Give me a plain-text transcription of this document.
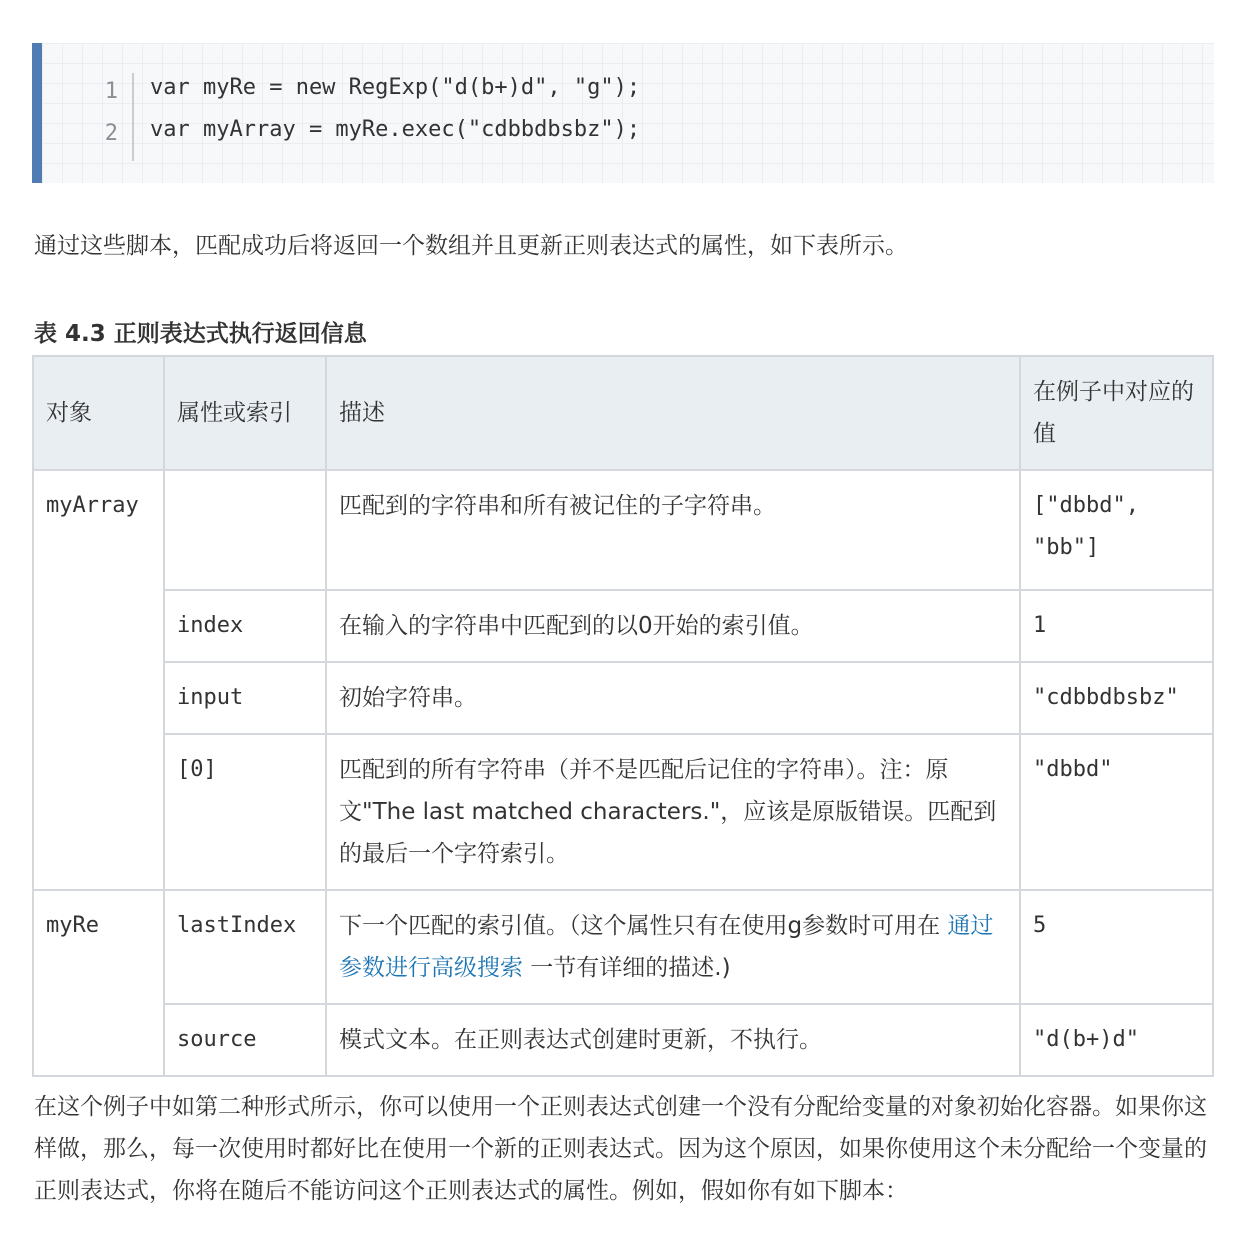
1
2
var myRe = new RegExp("d(b+)d", "g");
var myArray = myRe.exec("cdbbdbsbz");

通过这些脚本，匹配成功后将返回一个数组并且更新正则表达式的属性，如下表所示。

表 4.3 正则表达式执行返回信息

对象	属性或索引	描述	在例子中对应的值
myArray		匹配到的字符串和所有被记住的子字符串。	["dbbd", "bb"]
	index	在输入的字符串中匹配到的以0开始的索引值。	1
	input	初始字符串。	"cdbbdbsbz"
	[0]	匹配到的所有字符串（并不是匹配后记住的字符串）。注：原文"The last matched characters."，应该是原版错误。匹配到的最后一个字符索引。	"dbbd"
myRe	lastIndex	下一个匹配的索引值。（这个属性只有在使用g参数时可用在 通过参数进行高级搜索 一节有详细的描述.)	5
	source	模式文本。在正则表达式创建时更新，不执行。	"d(b+)d"

在这个例子中如第二种形式所示，你可以使用一个正则表达式创建一个没有分配给变量的对象初始化容器。如果你这样做，那么，每一次使用时都好比在使用一个新的正则表达式。因为这个原因，如果你使用这个未分配给一个变量的正则表达式，你将在随后不能访问这个正则表达式的属性。例如，假如你有如下脚本：
